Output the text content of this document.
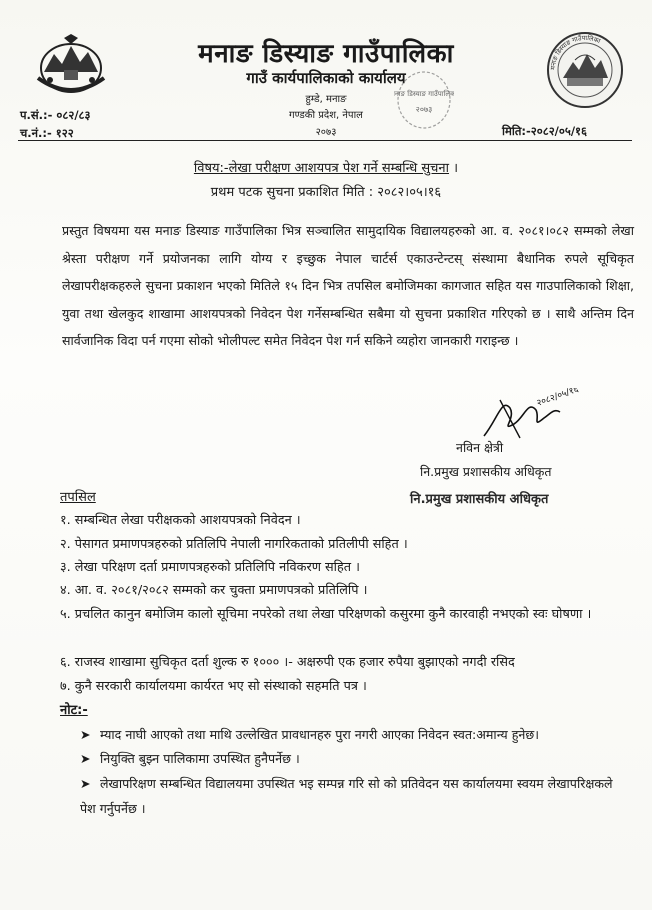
मनाङ डिस्याङ गाउँपालिका
मनाङ डिस्याङ गाउँपालिका
गाउँ कार्यपालिकाको कार्यालय
हुम्डे, मनाङ
गण्डकी प्रदेश, नेपाल
२०७३
मनाङ डिस्याङ गाउँपालिका
२०७३
प.सं.:- ०८२/८३
च.नं.:- १२२	मिति:-२०८२/०५/१६
विषय:-लेखा परीक्षण आशयपत्र पेश गर्ने सम्बन्धि सुचना ।
प्रथम पटक सुचना प्रकाशित मिति : २०८२।०५।१६
प्रस्तुत विषयमा यस मनाङ डिस्याङ गाउँपालिका भित्र सञ्चालित सामुदायिक विद्यालयहरुको आ. व. २०८१।०८२ सम्मको लेखा श्रेस्ता परीक्षण गर्ने प्रयोजनका लागि योग्य र इच्छुक नेपाल चार्टर्स एकाउन्टेन्टस् संस्थामा बैधानिक रुपले सूचिकृत लेखापरीक्षकहरुले सुचना प्रकाशन भएको मितिले १५ दिन भित्र तपसिल बमोजिमका कागजात सहित यस गाउपालिकाको शिक्षा, युवा तथा खेलकुद शाखामा आशयपत्रको निवेदन पेश गर्नेसम्बन्धित सबैमा यो सुचना प्रकाशित गरिएको छ । साथै अन्तिम दिन सार्वजानिक विदा पर्न गएमा सोको भोलीपल्ट समेत निवेदन पेश गर्न सकिने व्यहोरा जानकारी गराइन्छ ।
२०८२/०५/१६
नविन क्षेत्री
नि.प्रमुख प्रशासकीय अधिकृत
नि.प्रमुख प्रशासकीय अधिकृत
तपसिल
१. सम्बन्धित लेखा परीक्षकको आशयपत्रको निवेदन ।
२. पेसागत प्रमाणपत्रहरुको प्रतिलिपि नेपाली नागरिकताको प्रतिलीपी सहित ।
३. लेखा परिक्षण दर्ता प्रमाणपत्रहरुको प्रतिलिपि नविकरण सहित ।
४. आ. व. २०८१/२०८२ सम्मको कर चुक्ता प्रमाणपत्रको प्रतिलिपि ।
५. प्रचलित कानुन बमोजिम कालो सूचिमा नपरेको तथा लेखा परिक्षणको कसुरमा कुनै कारवाही नभएको स्वः घोषणा ।
६. राजस्व शाखामा सुचिकृत दर्ता शुल्क रु १००० ।- अक्षरुपी एक हजार रुपैया बुझाएको नगदी रसिद
७. कुनै सरकारी कार्यालयमा कार्यरत भए सो संस्थाको सहमति पत्र ।
नोट:-
➤ म्याद नाघी आएको तथा माथि उल्लेखित प्रावधानहरु पुरा नगरी आएका निवेदन स्वत:अमान्य हुनेछ।
➤ नियुक्ति बुझ्न पालिकामा उपस्थित हुनैपर्नेछ ।
➤ लेखापरिक्षण सम्बन्धित विद्यालयमा उपस्थित भइ सम्पन्न गरि सो को प्रतिवेदन यस कार्यालयमा स्वयम लेखापरिक्षकले पेश गर्नुपर्नेछ ।
